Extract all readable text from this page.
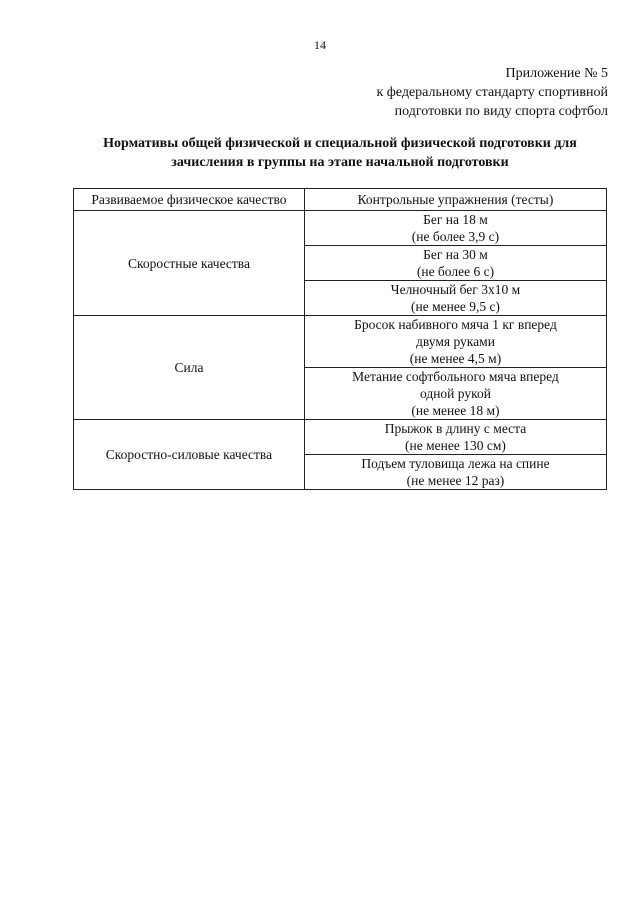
14
Приложение № 5
к федеральному стандарту спортивной
подготовки по виду спорта софтбол
Нормативы общей физической и специальной физической подготовки для
зачисления в группы на этапе начальной подготовки
Развиваемое физическое качество	Контрольные упражнения (тесты)
Скоростные качества	Бег на 18 м
(не более 3,9 с)

	Бег на 30 м
(не более 6 с)

	Челночный бег 3х10 м
(не менее 9,5 с)

Сила	Бросок набивного мяча 1 кг вперед
двумя руками
(не менее 4,5 м)

	Метание софтбольного мяча вперед
одной рукой
(не менее 18 м)

Скоростно-силовые качества	Прыжок в длину с места
(не менее 130 см)

	Подъем туловища лежа на спине
(не менее 12 раз)
